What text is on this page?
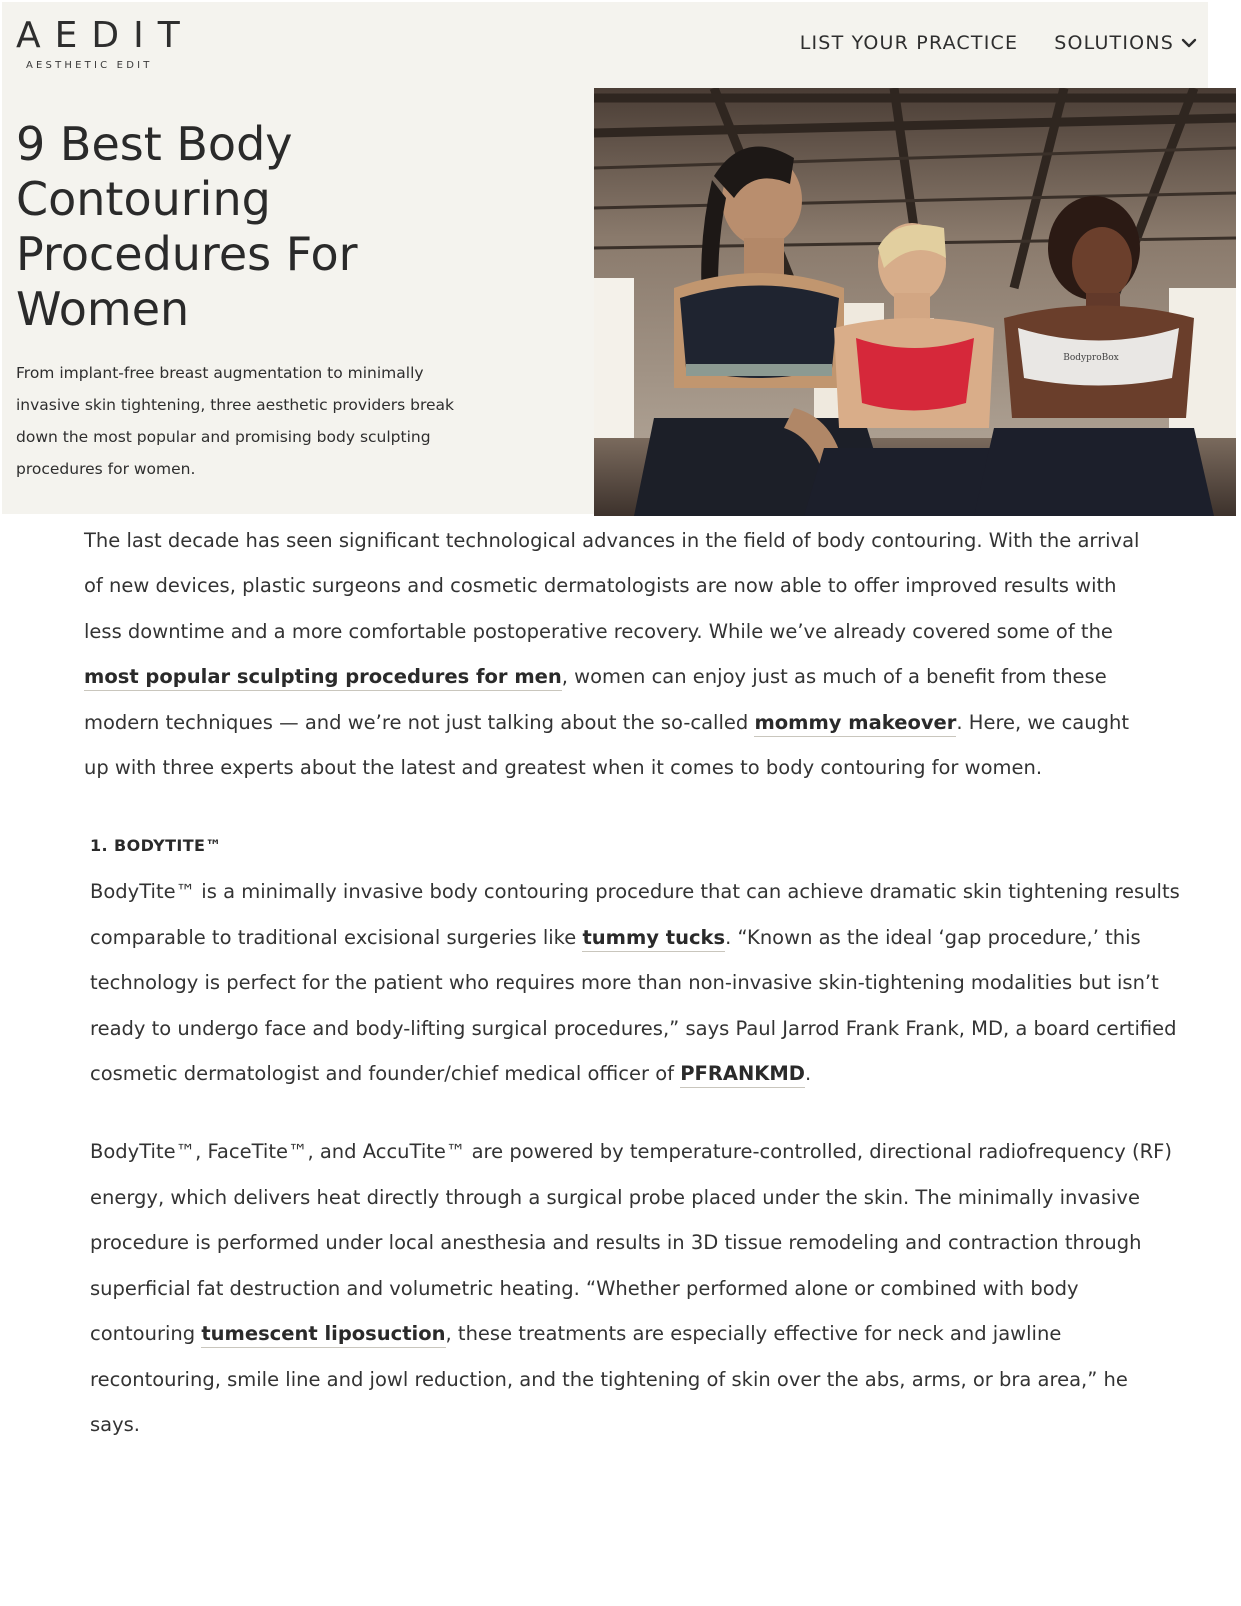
AEDIT
AESTHETIC EDIT
LIST YOUR PRACTICE SOLUTIONS
9 Best Body Contouring Procedures For Women

From implant-free breast augmentation to minimally invasive skin tightening, three aesthetic providers break down the most popular and promising body sculpting procedures for women.

BodyproBox

The last decade has seen significant technological advances in the field of body contouring. With the arrival of new devices, plastic surgeons and cosmetic dermatologists are now able to offer improved results with less downtime and a more comfortable postoperative recovery. While we’ve already covered some of the most popular sculpting procedures for men, women can enjoy just as much of a benefit from these modern techniques — and we’re not just talking about the so-called mommy makeover. Here, we caught up with three experts about the latest and greatest when it comes to body contouring for women.

1. BODYTITE™

BodyTite™ is a minimally invasive body contouring procedure that can achieve dramatic skin tightening results comparable to traditional excisional surgeries like tummy tucks. “Known as the ideal ‘gap procedure,’ this technology is perfect for the patient who requires more than non-invasive skin-tightening modalities but isn’t ready to undergo face and body-lifting surgical procedures,” says Paul Jarrod Frank Frank, MD, a board certified cosmetic dermatologist and founder/chief medical officer of PFRANKMD.

BodyTite™, FaceTite™, and AccuTite™ are powered by temperature-controlled, directional radiofrequency (RF) energy, which delivers heat directly through a surgical probe placed under the skin. The minimally invasive procedure is performed under local anesthesia and results in 3D tissue remodeling and contraction through superficial fat destruction and volumetric heating. “Whether performed alone or combined with body contouring tumescent liposuction, these treatments are especially effective for neck and jawline recontouring, smile line and jowl reduction, and the tightening of skin over the abs, arms, or bra area,” he says.
